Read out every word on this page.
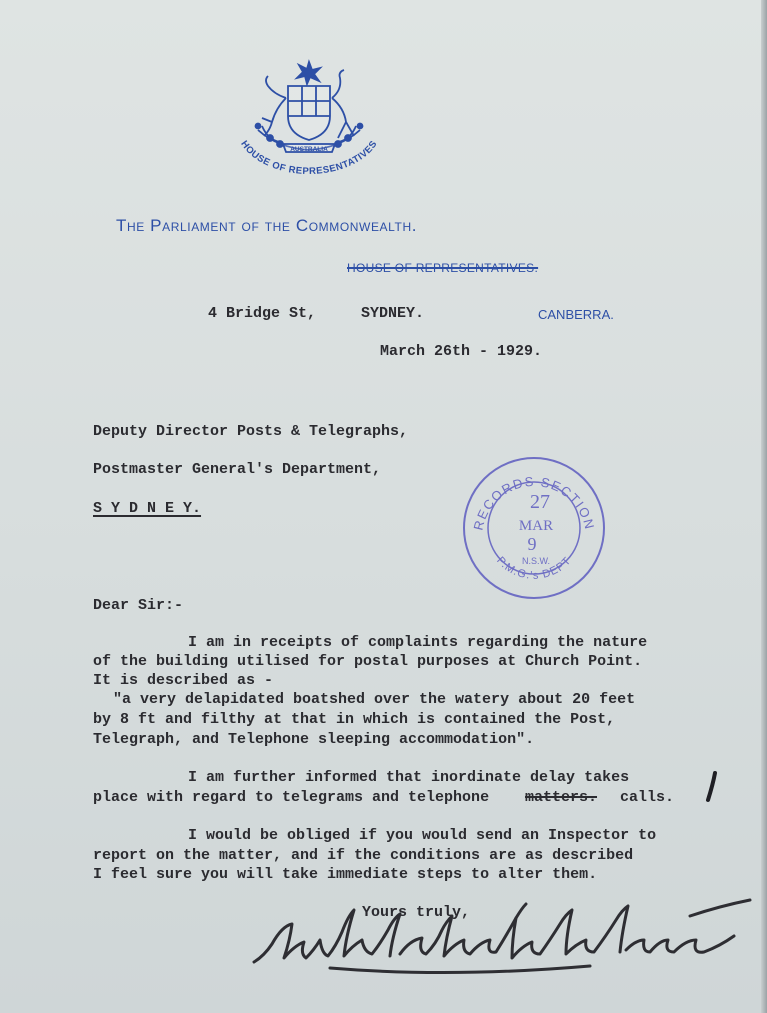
AUSTRALIA
HOUSE OF REPRESENTATIVES
The Parliament of the Commonwealth.
HOUSE OF REPRESENTATIVES.
4 Bridge St,	SYDNEY.	CANBERRA.
March 26th - 1929.
Deputy Director Posts & Telegraphs,
Postmaster General's Department,
S Y D N E Y.
RECORDS SECTION
P.M.G.'s DEPT
27
MAR
9
N.S.W.
Dear Sir:-
I am in receipts of complaints regarding the nature
of the building utilised for postal purposes at Church Point.
It is described as -
"a very delapidated boatshed over the watery about 20 feet
by 8 ft and filthy at that in which is contained the Post,
Telegraph, and Telephone sleeping accommodation".
I am further informed that inordinate delay takes
place with regard to telegrams and telephone matters. calls.
I would be obliged if you would send an Inspector to
report on the matter, and if the conditions are as described
I feel sure you will take immediate steps to alter them.
Yours truly,
